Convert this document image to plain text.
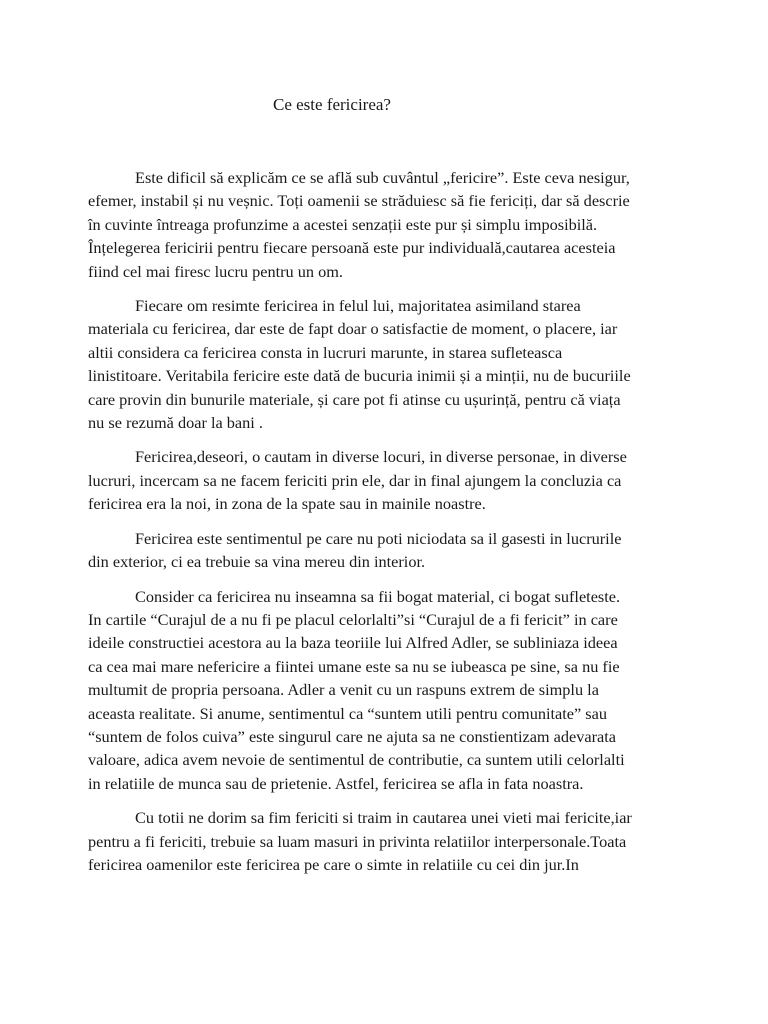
Ce este fericirea?

Este dificil să explicăm ce se află sub cuvântul „fericire”. Este ceva nesigur,
efemer, instabil și nu veșnic. Toți oamenii se străduiesc să fie fericiți, dar să descrie
în cuvinte întreaga profunzime a acestei senzații este pur și simplu imposibilă.
Înțelegerea fericirii pentru fiecare persoană este pur individuală,cautarea acesteia
fiind cel mai firesc lucru pentru un om.

Fiecare om resimte fericirea in felul lui, majoritatea asimiland starea
materiala cu fericirea, dar este de fapt doar o satisfactie de moment, o placere, iar
altii considera ca fericirea consta in lucruri marunte, in starea sufleteasca
linistitoare. Veritabila fericire este dată de bucuria inimii și a minții, nu de bucuriile
care provin din bunurile materiale, și care pot fi atinse cu ușurință, pentru că viața
nu se rezumă doar la bani .

Fericirea,deseori, o cautam in diverse locuri, in diverse personae, in diverse
lucruri, incercam sa ne facem fericiti prin ele, dar in final ajungem la concluzia ca
fericirea era la noi, in zona de la spate sau in mainile noastre.

Fericirea este sentimentul pe care nu poti niciodata sa il gasesti in lucrurile
din exterior, ci ea trebuie sa vina mereu din interior.

Consider ca fericirea nu inseamna sa fii bogat material, ci bogat sufleteste.
In cartile “Curajul de a nu fi pe placul celorlalti”si “Curajul de a fi fericit” in care
ideile constructiei acestora au la baza teoriile lui Alfred Adler, se subliniaza ideea
ca cea mai mare nefericire a fiintei umane este sa nu se iubeasca pe sine, sa nu fie
multumit de propria persoana. Adler a venit cu un raspuns extrem de simplu la
aceasta realitate. Si anume, sentimentul ca “suntem utili pentru comunitate” sau
“suntem de folos cuiva” este singurul care ne ajuta sa ne constientizam adevarata
valoare, adica avem nevoie de sentimentul de contributie, ca suntem utili celorlalti
in relatiile de munca sau de prietenie. Astfel, fericirea se afla in fata noastra.

Cu totii ne dorim sa fim fericiti si traim in cautarea unei vieti mai fericite,iar
pentru a fi fericiti, trebuie sa luam masuri in privinta relatiilor interpersonale.Toata
fericirea oamenilor este fericirea pe care o simte in relatiile cu cei din jur.In
